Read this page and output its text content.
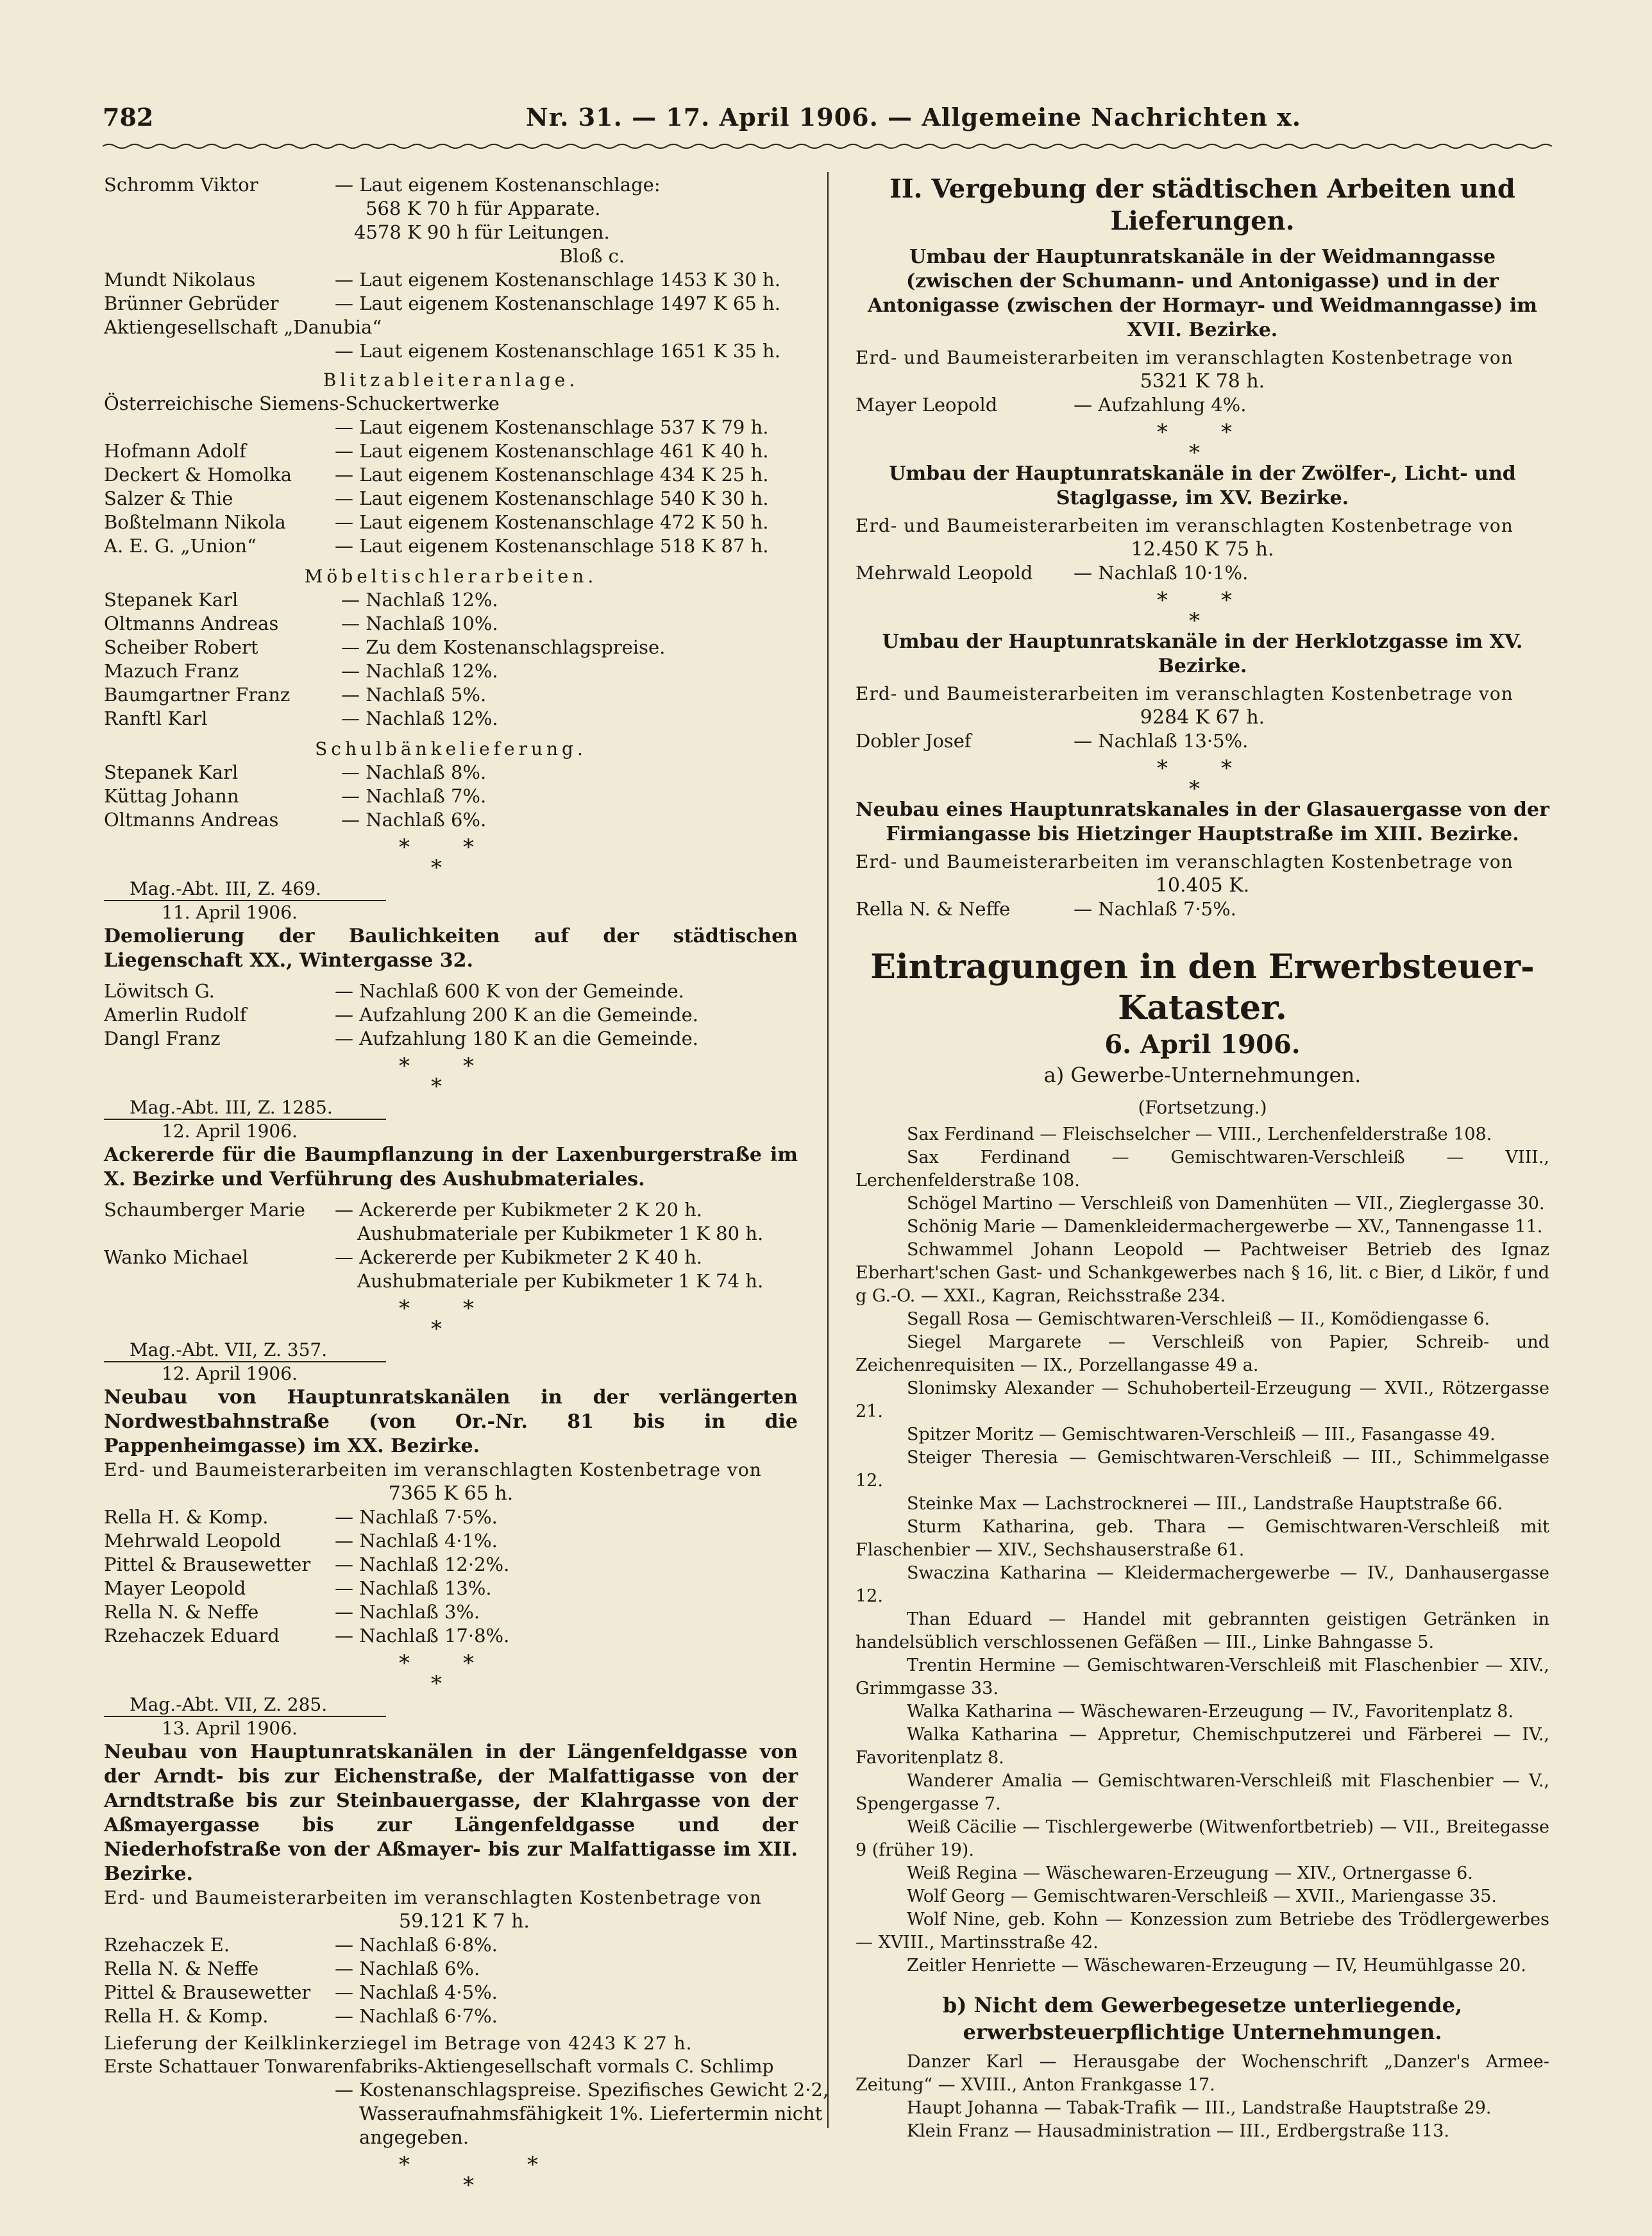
782	Nr. 31. — 17. April 1906. — Allgemeine Nachrichten x.
Schromm Viktor	— Laut eigenem Kostenanschlage:
568 K 70 h für Apparate.
4578 K 90 h für Leitungen.
Bloß c.
Mundt Nikolaus	— Laut eigenem Kostenanschlage 1453 K 30 h.
Brünner Gebrüder	— Laut eigenem Kostenanschlage 1497 K 65 h.
Aktiengesellschaft „Danubia“
— Laut eigenem Kostenanschlage 1651 K 35 h.
Blitzableiteranlage.
Österreichische Siemens-Schuckertwerke
— Laut eigenem Kostenanschlage 537 K 79 h.
Hofmann Adolf	— Laut eigenem Kostenanschlage 461 K 40 h.
Deckert & Homolka — Laut eigenem Kostenanschlage 434 K 25 h.
Salzer & Thie	— Laut eigenem Kostenanschlage 540 K 30 h.
Boßtelmann Nikola	— Laut eigenem Kostenanschlage 472 K 50 h.
A. E. G. „Union“	— Laut eigenem Kostenanschlage 518 K 87 h.
Möbeltischlerarbeiten.
Stepanek Karl	— Nachlaß 12%.
Oltmanns Andreas	— Nachlaß 10%.
Scheiber Robert	— Zu dem Kostenanschlagspreise.
Mazuch Franz	— Nachlaß 12%.
Baumgartner Franz	— Nachlaß 5%.
Ranftl Karl	— Nachlaß 12%.
Schulbänkelieferung.
Stepanek Karl	— Nachlaß 8%.
Küttag Johann	— Nachlaß 7%.
Oltmanns Andreas	— Nachlaß 6%.
* *
*
Mag.-Abt. III, Z. 469.
11. April 1906.
Demolierung der Baulichkeiten auf der städtischen Liegenschaft XX., Wintergasse 32.
Löwitsch G.	— Nachlaß 600 K von der Gemeinde.
Amerlin Rudolf	— Aufzahlung 200 K an die Gemeinde.
Dangl Franz	— Aufzahlung 180 K an die Gemeinde.
* *
*
Mag.-Abt. III, Z. 1285.
12. April 1906.
Ackererde für die Baumpflanzung in der Laxenburgerstraße im X. Bezirke und Verführung des Aushubmateriales.
Schaumberger Marie — Ackererde per Kubikmeter 2 K 20 h.
Aushubmateriale per Kubikmeter 1 K 80 h.
Wanko Michael	— Ackererde per Kubikmeter 2 K 40 h.
Aushubmateriale per Kubikmeter 1 K 74 h.
* *
*
Mag.-Abt. VII, Z. 357.
12. April 1906.
Neubau von Hauptunratskanälen in der verlängerten Nordwestbahnstraße (von Or.-Nr. 81 bis in die Pappenheimgasse) im XX. Bezirke.
Erd- und Baumeisterarbeiten im veranschlagten Kostenbetrage von
7365 K 65 h.
Rella H. & Komp.	— Nachlaß 7·5%.
Mehrwald Leopold	— Nachlaß 4·1%.
Pittel & Brausewetter — Nachlaß 12·2%.
Mayer Leopold	— Nachlaß 13%.
Rella N. & Neffe	— Nachlaß 3%.
Rzehaczek Eduard	— Nachlaß 17·8%.
* *
*
Mag.-Abt. VII, Z. 285.
13. April 1906.
Neubau von Hauptunratskanälen in der Längenfeldgasse von der Arndt- bis zur Eichenstraße, der Malfattigasse von der Arndtstraße bis zur Steinbauergasse, der Klahrgasse von der Aßmayergasse bis zur Längenfeldgasse und der Niederhofstraße von der Aßmayer- bis zur Malfattigasse im XII. Bezirke.
Erd- und Baumeisterarbeiten im veranschlagten Kostenbetrage von
59.121 K 7 h.
Rzehaczek E.	— Nachlaß 6·8%.
Rella N. & Neffe	— Nachlaß 6%.
Pittel & Brausewetter — Nachlaß 4·5%.
Rella H. & Komp.	— Nachlaß 6·7%.
Lieferung der Keilklinkerziegel im Betrage von 4243 K 27 h.
Erste Schattauer Tonwarenfabriks-Aktiengesellschaft vormals C. Schlimp
— Kostenanschlagspreise. Spezifisches Gewicht 2·2,
Wasseraufnahmsfähigkeit 1%. Liefertermin nicht
angegeben.
*	*
*
II. Vergebung der städtischen Arbeiten und Lieferungen.
Umbau der Hauptunratskanäle in der Weidmanngasse (zwischen der Schumann- und Antonigasse) und in der Antonigasse (zwischen der Hormayr- und Weidmanngasse) im XVII. Bezirke.
Erd- und Baumeisterarbeiten im veranschlagten Kostenbetrage von
5321 K 78 h.
Mayer Leopold	— Aufzahlung 4%.
* *
*
Umbau der Hauptunratskanäle in der Zwölfer-, Licht- und Staglgasse, im XV. Bezirke.
Erd- und Baumeisterarbeiten im veranschlagten Kostenbetrage von
12.450 K 75 h.
Mehrwald Leopold — Nachlaß 10·1%.
* *
*
Umbau der Hauptunratskanäle in der Herklotzgasse im XV. Bezirke.
Erd- und Baumeisterarbeiten im veranschlagten Kostenbetrage von
9284 K 67 h.
Dobler Josef	— Nachlaß 13·5%.
* *
*
Neubau eines Hauptunratskanales in der Glasauergasse von der Firmiangasse bis Hietzinger Hauptstraße im XIII. Bezirke.
Erd- und Baumeisterarbeiten im veranschlagten Kostenbetrage von
10.405 K.
Rella N. & Neffe	— Nachlaß 7·5%.
Eintragungen in den Erwerbsteuer-Kataster.
6. April 1906.
a) Gewerbe-Unternehmungen.
(Fortsetzung.)
Sax Ferdinand — Fleischselcher — VIII., Lerchenfelderstraße 108.
Sax Ferdinand — Gemischtwaren-Verschleiß — VIII., Lerchenfelderstraße 108.
Schögel Martino — Verschleiß von Damenhüten — VII., Zieglergasse 30.
Schönig Marie — Damenkleidermachergewerbe — XV., Tannengasse 11.
Schwammel Johann Leopold — Pachtweiser Betrieb des Ignaz Eberhart'schen Gast- und Schankgewerbes nach § 16, lit. c Bier, d Likör, f und g G.-O. — XXI., Kagran, Reichsstraße 234.
Segall Rosa — Gemischtwaren-Verschleiß — II., Komödiengasse 6.
Siegel Margarete — Verschleiß von Papier, Schreib- und Zeichenrequisiten — IX., Porzellangasse 49 a.
Slonimsky Alexander — Schuhoberteil-Erzeugung — XVII., Rötzergasse 21.
Spitzer Moritz — Gemischtwaren-Verschleiß — III., Fasangasse 49.
Steiger Theresia — Gemischtwaren-Verschleiß — III., Schimmelgasse 12.
Steinke Max — Lachstrocknerei — III., Landstraße Hauptstraße 66.
Sturm Katharina, geb. Thara — Gemischtwaren-Verschleiß mit Flaschenbier — XIV., Sechshauserstraße 61.
Swaczina Katharina — Kleidermachergewerbe — IV., Danhausergasse 12.
Than Eduard — Handel mit gebrannten geistigen Getränken in handelsüblich verschlossenen Gefäßen — III., Linke Bahngasse 5.
Trentin Hermine — Gemischtwaren-Verschleiß mit Flaschenbier — XIV., Grimmgasse 33.
Walka Katharina — Wäschewaren-Erzeugung — IV., Favoritenplatz 8.
Walka Katharina — Appretur, Chemischputzerei und Färberei — IV., Favoritenplatz 8.
Wanderer Amalia — Gemischtwaren-Verschleiß mit Flaschenbier — V., Spengergasse 7.
Weiß Cäcilie — Tischlergewerbe (Witwenfortbetrieb) — VII., Breitegasse 9 (früher 19).
Weiß Regina — Wäschewaren-Erzeugung — XIV., Ortnergasse 6.
Wolf Georg — Gemischtwaren-Verschleiß — XVII., Mariengasse 35.
Wolf Nine, geb. Kohn — Konzession zum Betriebe des Trödlergewerbes — XVIII., Martinsstraße 42.
Zeitler Henriette — Wäschewaren-Erzeugung — IV, Heumühlgasse 20.
b) Nicht dem Gewerbegesetze unterliegende, erwerbsteuerpflichtige Unternehmungen.
Danzer Karl — Herausgabe der Wochenschrift „Danzer's Armee-Zeitung“ — XVIII., Anton Frankgasse 17.
Haupt Johanna — Tabak-Trafik — III., Landstraße Hauptstraße 29.
Klein Franz — Hausadministration — III., Erdbergstraße 113.
